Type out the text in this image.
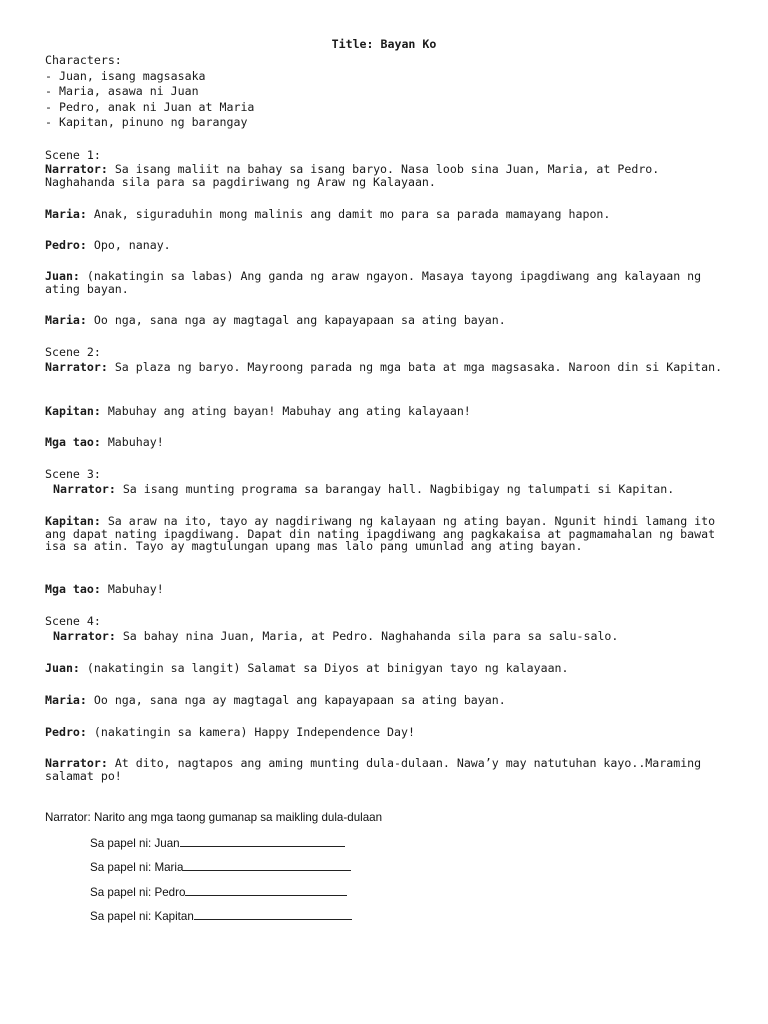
Title: Bayan Ko
Characters:
- Juan, isang magsasaka
- Maria, asawa ni Juan
- Pedro, anak ni Juan at Maria
- Kapitan, pinuno ng barangay
Scene 1:
Narrator: Sa isang maliit na bahay sa isang baryo. Nasa loob sina Juan, Maria, at Pedro. Naghahanda sila para sa pagdiriwang ng Araw ng Kalayaan.
Maria: Anak, siguraduhin mong malinis ang damit mo para sa parada mamayang hapon.
Pedro: Opo, nanay.
Juan: (nakatingin sa labas) Ang ganda ng araw ngayon. Masaya tayong ipagdiwang ang kalayaan ng ating bayan.
Maria: Oo nga, sana nga ay magtagal ang kapayapaan sa ating bayan.
Scene 2:
Narrator: Sa plaza ng baryo. Mayroong parada ng mga bata at mga magsasaka. Naroon din si Kapitan.
Kapitan: Mabuhay ang ating bayan! Mabuhay ang ating kalayaan!
Mga tao: Mabuhay!
Scene 3:
Narrator: Sa isang munting programa sa barangay hall. Nagbibigay ng talumpati si Kapitan.
Kapitan: Sa araw na ito, tayo ay nagdiriwang ng kalayaan ng ating bayan. Ngunit hindi lamang ito ang dapat nating ipagdiwang. Dapat din nating ipagdiwang ang pagkakaisa at pagmamahalan ng bawat isa sa atin. Tayo ay magtulungan upang mas lalo pang umunlad ang ating bayan.
Mga tao: Mabuhay!
Scene 4:
Narrator: Sa bahay nina Juan, Maria, at Pedro. Naghahanda sila para sa salu-salo.
Juan: (nakatingin sa langit) Salamat sa Diyos at binigyan tayo ng kalayaan.
Maria: Oo nga, sana nga ay magtagal ang kapayapaan sa ating bayan.
Pedro: (nakatingin sa kamera) Happy Independence Day!
Narrator: At dito, nagtapos ang aming munting dula-dulaan. Nawa’y may natutuhan kayo..Maraming salamat po!
Narrator: Narito ang mga taong gumanap sa maikling dula-dulaan
Sa papel ni: Juan
Sa papel ni: Maria
Sa papel ni: Pedro
Sa papel ni: Kapitan
